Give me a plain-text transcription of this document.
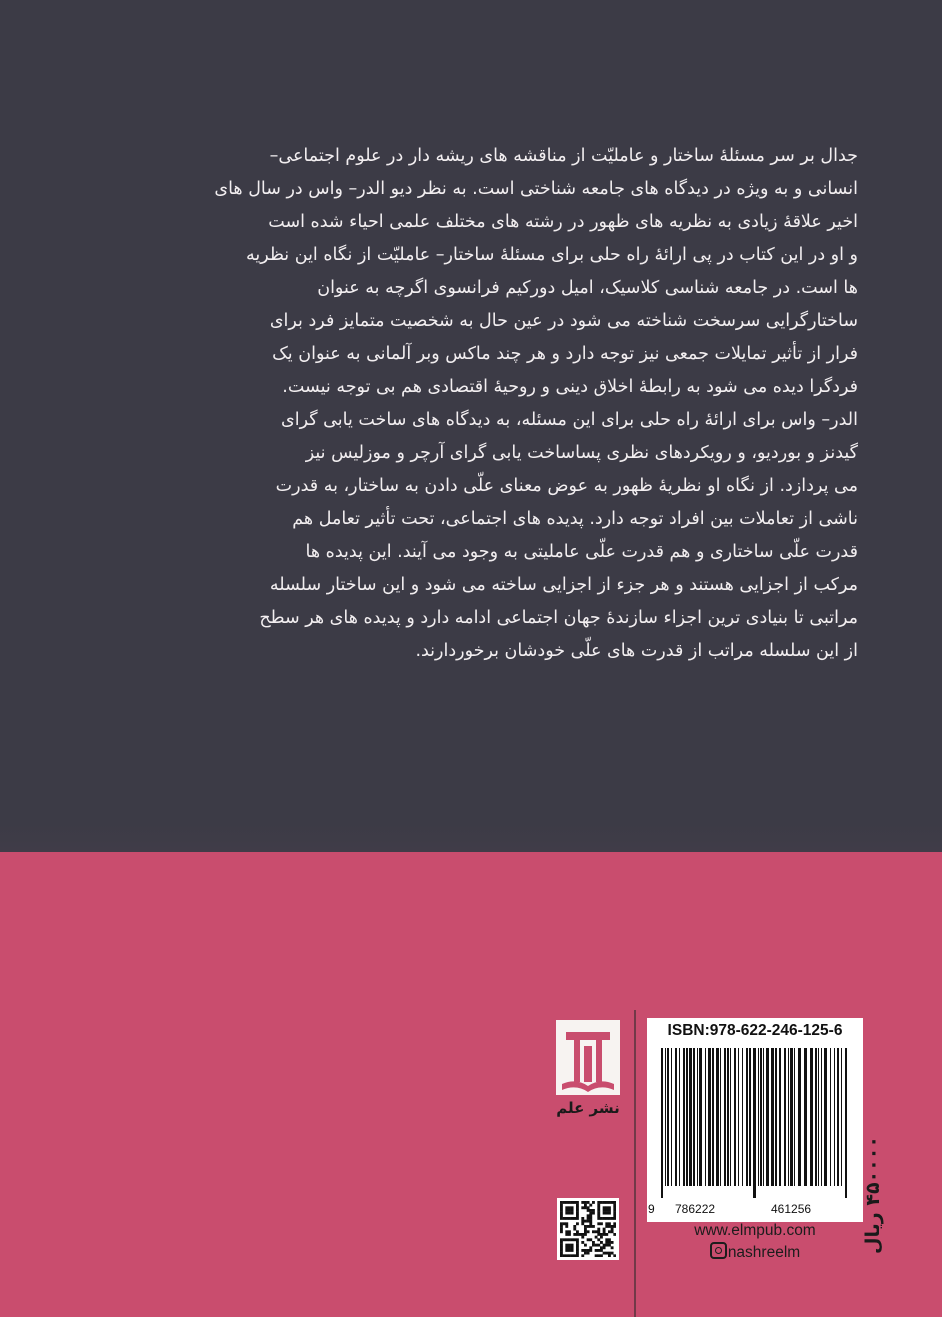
جدال بر سر مسئلۀ ساختار و عاملیّت از مناقشه های ریشه دار در علوم اجتماعی–
انسانی و به ویژه در دیدگاه های جامعه شناختی است. به نظر دیو الدر– واس در سال های
اخیر علاقۀ زیادی به نظریه های ظهور در رشته های مختلف علمی احیاء شده است
و او در این کتاب در پی ارائۀ راه حلی برای مسئلۀ ساختار– عاملیّت از نگاه این نظریه
ها است. در جامعه شناسی کلاسیک، امیل دورکیم فرانسوی اگرچه به عنوان
ساختارگرایی سرسخت شناخته می شود در عین حال به شخصیت متمایز فرد برای
فرار از تأثیر تمایلات جمعی نیز توجه دارد و هر چند ماکس وبر آلمانی به عنوان یک
فردگرا دیده می شود به رابطۀ اخلاق دینی و روحیۀ اقتصادی هم بی توجه نیست.
الدر– واس برای ارائۀ راه حلی برای این مسئله، به دیدگاه های ساخت یابی گرای
گیدنز و بوردیو، و رویکردهای نظری پساساخت یابی گرای آرچر و موزلیس نیز
می پردازد. از نگاه او نظریۀ ظهور به عوض معنای علّی دادن به ساختار، به قدرت
ناشی از تعاملات بین افراد توجه دارد. پدیده های اجتماعی، تحت تأثیر تعامل هم
قدرت علّی ساختاری و هم قدرت علّی عاملیتی به وجود می آیند. این پدیده ها
مرکب از اجزایی هستند و هر جزء از اجزایی ساخته می شود و این ساختار سلسله
مراتبی تا بنیادی ترین اجزاء سازندۀ جهان اجتماعی ادامه دارد و پدیده های هر سطح
از این سلسله مراتب از قدرت های علّی خودشان برخوردارند.
نشر علم
ISBN:978-622-246-125-6
9 786222	461256
www.elmpub.com
nashreelm	۴۵۰۰۰۰ ریال
